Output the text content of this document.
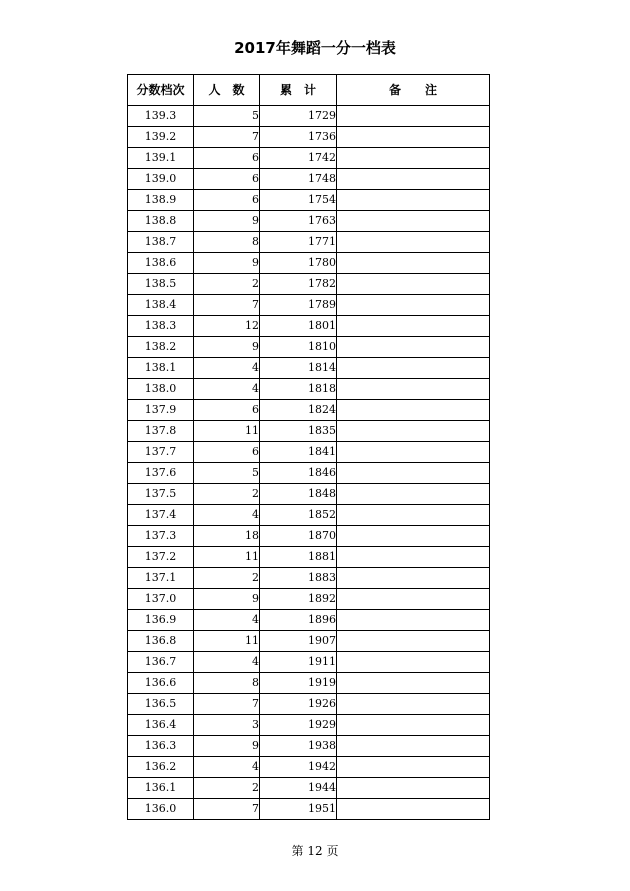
2017年舞蹈一分一档表
分数档次	人　数	累　计	备　　注
139.3	5	1729	
139.2	7	1736	
139.1	6	1742	
139.0	6	1748	
138.9	6	1754	
138.8	9	1763	
138.7	8	1771	
138.6	9	1780	
138.5	2	1782	
138.4	7	1789	
138.3	12	1801	
138.2	9	1810	
138.1	4	1814	
138.0	4	1818	
137.9	6	1824	
137.8	11	1835	
137.7	6	1841	
137.6	5	1846	
137.5	2	1848	
137.4	4	1852	
137.3	18	1870	
137.2	11	1881	
137.1	2	1883	
137.0	9	1892	
136.9	4	1896	
136.8	11	1907	
136.7	4	1911	
136.6	8	1919	
136.5	7	1926	
136.4	3	1929	
136.3	9	1938	
136.2	4	1942	
136.1	2	1944	
136.0	7	1951	
第 12 页
